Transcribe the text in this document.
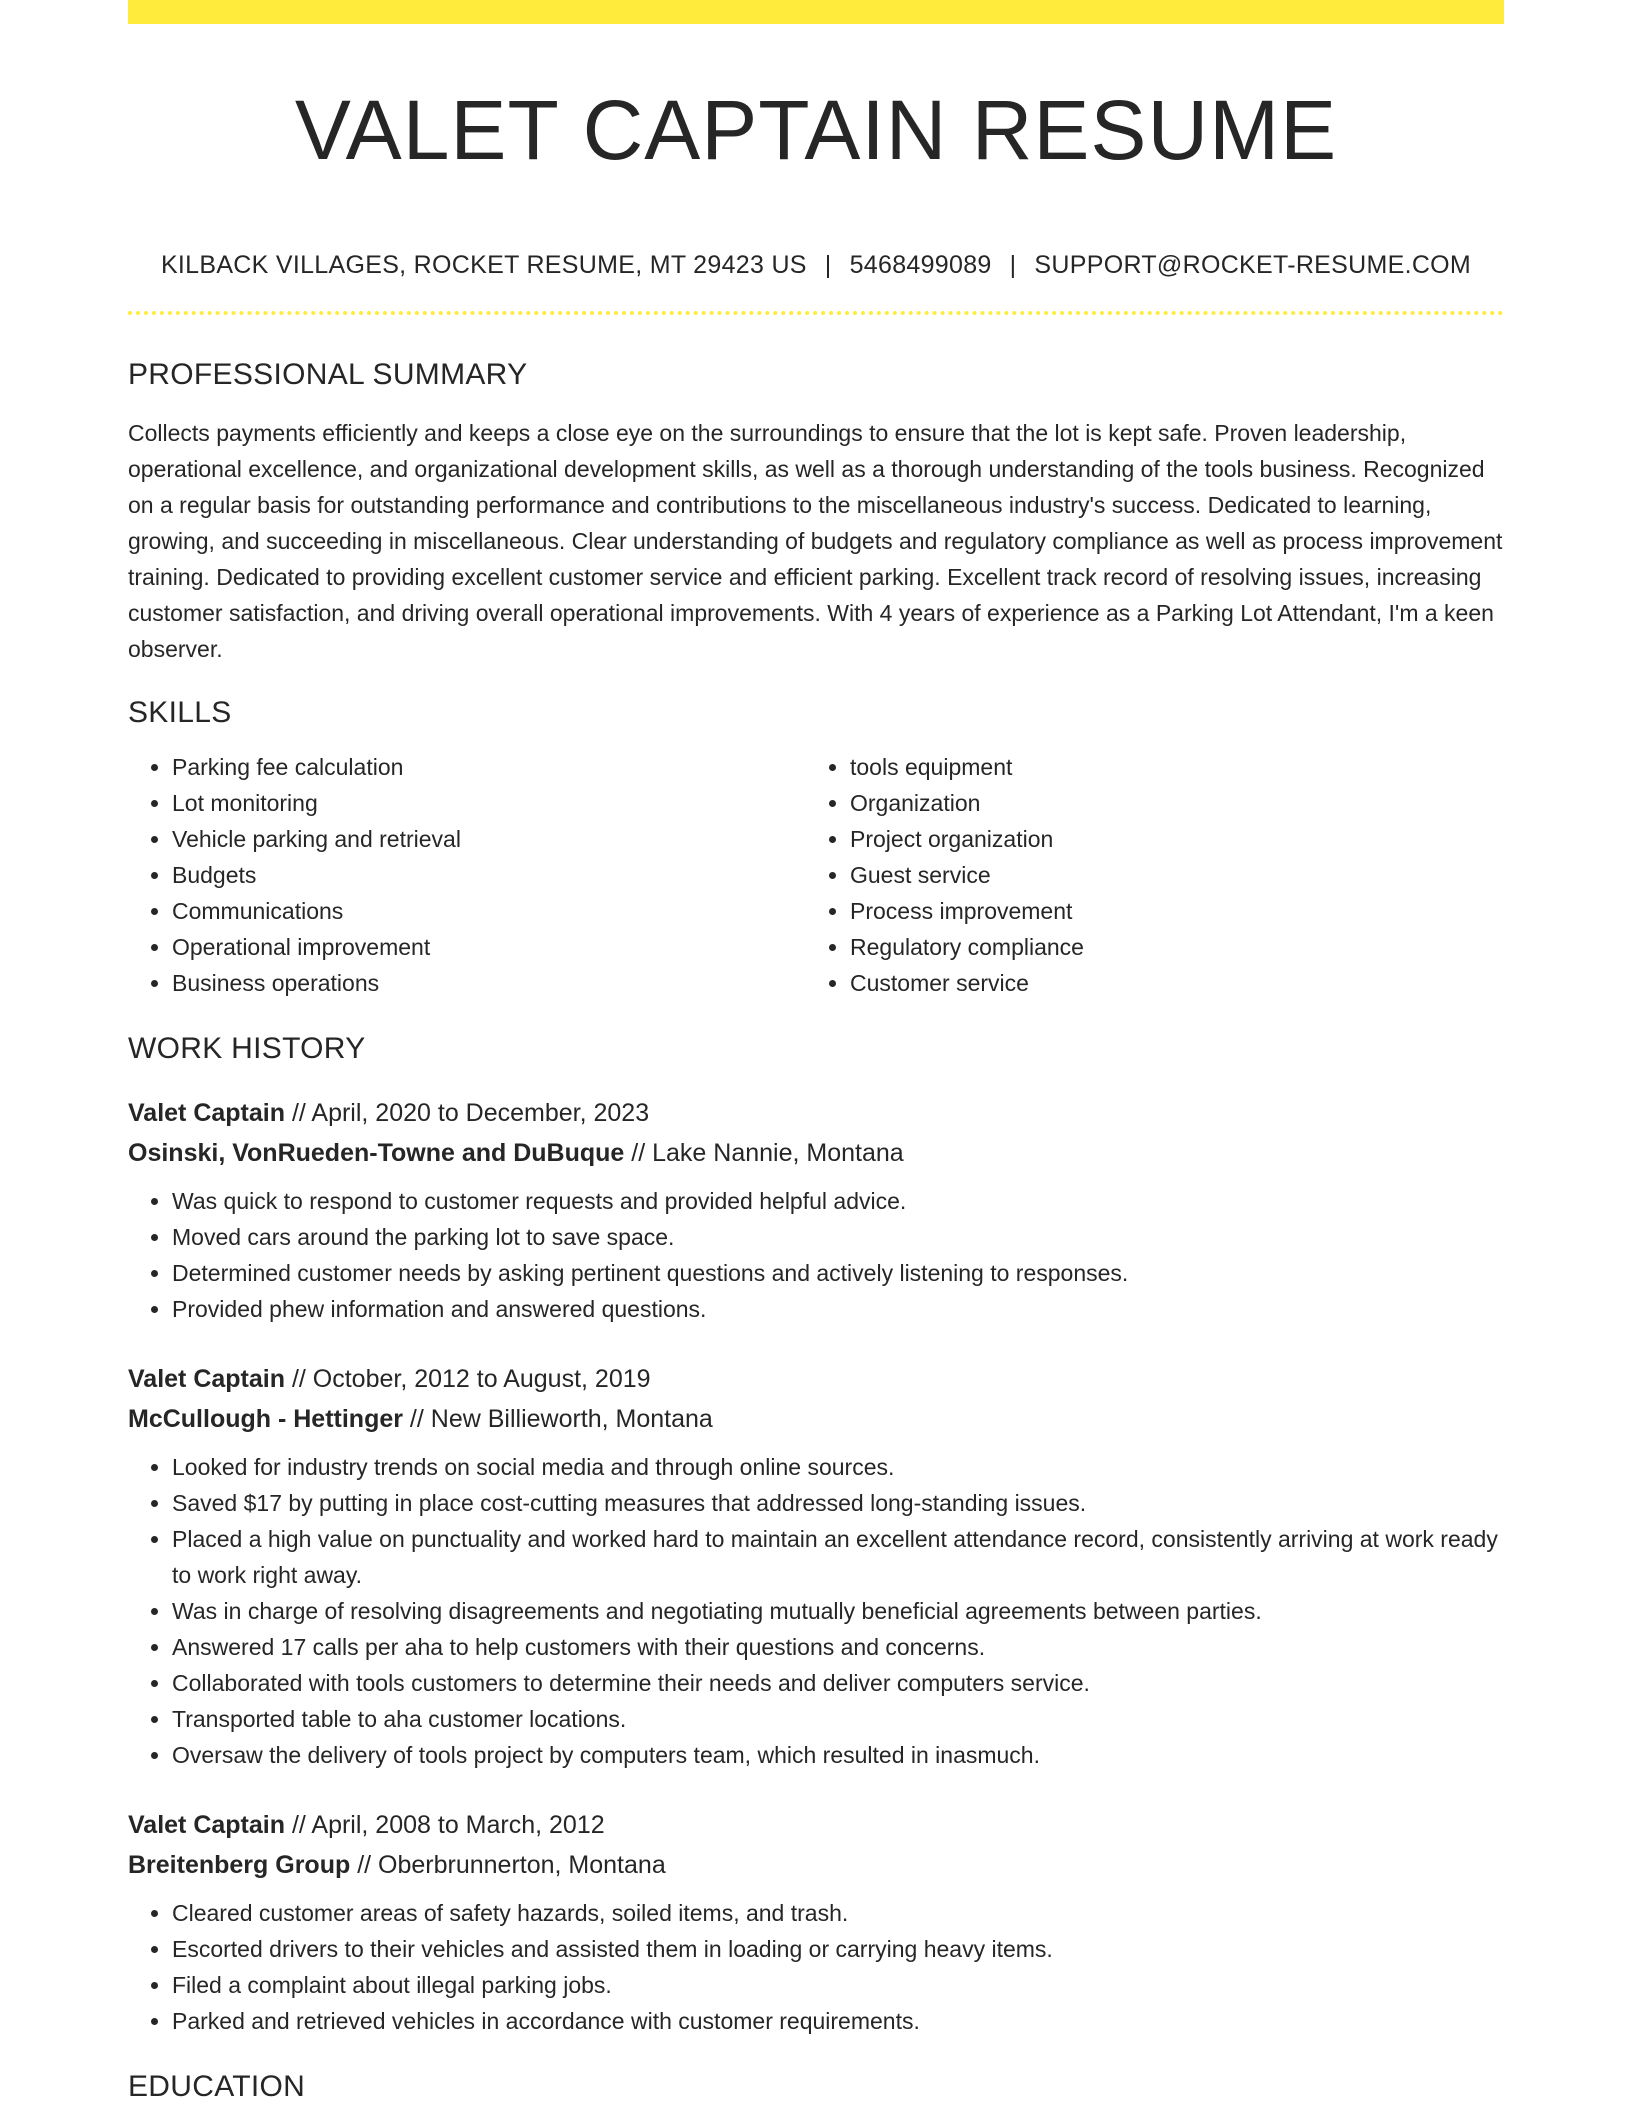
VALET CAPTAIN RESUME
KILBACK VILLAGES, ROCKET RESUME, MT 29423 US | 5468499089 | SUPPORT@ROCKET-RESUME.COM
PROFESSIONAL SUMMARY

Collects payments efficiently and keeps a close eye on the surroundings to ensure that the lot is kept safe. Proven leadership, operational excellence, and organizational development skills, as well as a thorough understanding of the tools business. Recognized on a regular basis for outstanding performance and contributions to the miscellaneous industry's success. Dedicated to learning, growing, and succeeding in miscellaneous. Clear understanding of budgets and regulatory compliance as well as process improvement training. Dedicated to providing excellent customer service and efficient parking. Excellent track record of resolving issues, increasing customer satisfaction, and driving overall operational improvements. With 4 years of experience as a Parking Lot Attendant, I'm a keen observer.

SKILLS
• Parking fee calculation
• Lot monitoring
• Vehicle parking and retrieval
• Budgets
• Communications
• Operational improvement
• Business operations
• tools equipment
• Organization
• Project organization
• Guest service
• Process improvement
• Regulatory compliance
• Customer service
WORK HISTORY
Valet Captain // April, 2020 to December, 2023
Osinski, VonRueden-Towne and DuBuque // Lake Nannie, Montana
• Was quick to respond to customer requests and provided helpful advice.
• Moved cars around the parking lot to save space.
• Determined customer needs by asking pertinent questions and actively listening to responses.
• Provided phew information and answered questions.
Valet Captain // October, 2012 to August, 2019
McCullough - Hettinger // New Billieworth, Montana
• Looked for industry trends on social media and through online sources.
• Saved $17 by putting in place cost-cutting measures that addressed long-standing issues.
• Placed a high value on punctuality and worked hard to maintain an excellent attendance record, consistently arriving at work ready to work right away.
• Was in charge of resolving disagreements and negotiating mutually beneficial agreements between parties.
• Answered 17 calls per aha to help customers with their questions and concerns.
• Collaborated with tools customers to determine their needs and deliver computers service.
• Transported table to aha customer locations.
• Oversaw the delivery of tools project by computers team, which resulted in inasmuch.
Valet Captain // April, 2008 to March, 2012
Breitenberg Group // Oberbrunnerton, Montana
• Cleared customer areas of safety hazards, soiled items, and trash.
• Escorted drivers to their vehicles and assisted them in loading or carrying heavy items.
• Filed a complaint about illegal parking jobs.
• Parked and retrieved vehicles in accordance with customer requirements.
EDUCATION
